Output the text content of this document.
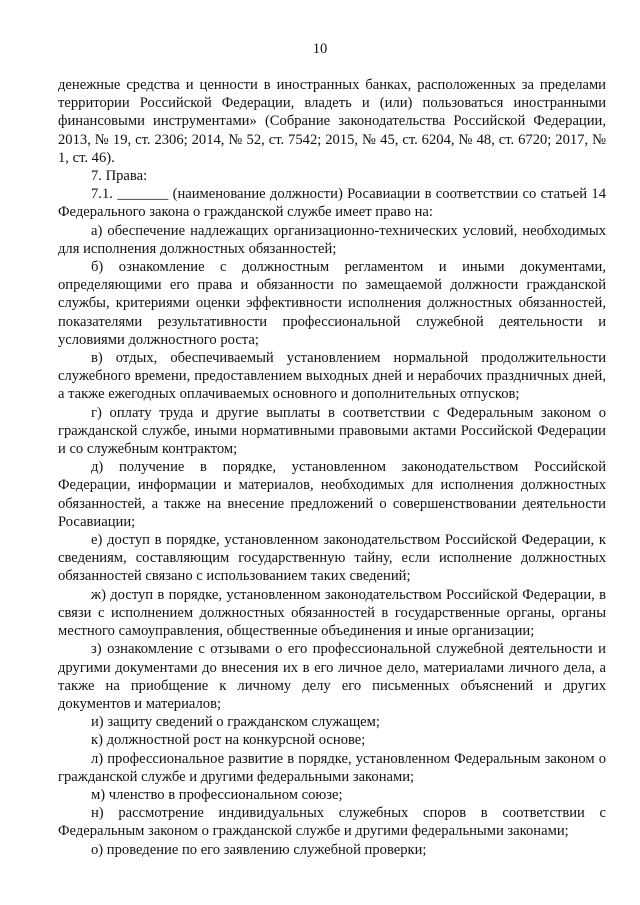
10

денежные средства и ценности в иностранных банках, расположенных за пределами территории Российской Федерации, владеть и (или) пользоваться иностранными финансовыми инструментами» (Собрание законодательства Российской Федерации, 2013, № 19, ст. 2306; 2014, № 52, ст. 7542; 2015, № 45, ст. 6204, № 48, ст. 6720; 2017, № 1, ст. 46).

7. Права:

7.1. _______ (наименование должности) Росавиации в соответствии со статьей 14 Федерального закона о гражданской службе имеет право на:

а) обеспечение надлежащих организационно-технических условий, необходимых для исполнения должностных обязанностей;

б) ознакомление с должностным регламентом и иными документами, определяющими его права и обязанности по замещаемой должности гражданской службы, критериями оценки эффективности исполнения должностных обязанностей, показателями результативности профессиональной служебной деятельности и условиями должностного роста;

в) отдых, обеспечиваемый установлением нормальной продолжительности служебного времени, предоставлением выходных дней и нерабочих праздничных дней, а также ежегодных оплачиваемых основного и дополнительных отпусков;

г) оплату труда и другие выплаты в соответствии с Федеральным законом о гражданской службе, иными нормативными правовыми актами Российской Федерации и со служебным контрактом;

д) получение в порядке, установленном законодательством Российской Федерации, информации и материалов, необходимых для исполнения должностных обязанностей, а также на внесение предложений о совершенствовании деятельности Росавиации;

е) доступ в порядке, установленном законодательством Российской Федерации, к сведениям, составляющим государственную тайну, если исполнение должностных обязанностей связано с использованием таких сведений;

ж) доступ в порядке, установленном законодательством Российской Федерации, в связи с исполнением должностных обязанностей в государственные органы, органы местного самоуправления, общественные объединения и иные организации;

з) ознакомление с отзывами о его профессиональной служебной деятельности и другими документами до внесения их в его личное дело, материалами личного дела, а также на приобщение к личному делу его письменных объяснений и других документов и материалов;

и) защиту сведений о гражданском служащем;

к) должностной рост на конкурсной основе;

л) профессиональное развитие в порядке, установленном Федеральным законом о гражданской службе и другими федеральными законами;

м) членство в профессиональном союзе;

н) рассмотрение индивидуальных служебных споров в соответствии с Федеральным законом о гражданской службе и другими федеральными законами;

о) проведение по его заявлению служебной проверки;
